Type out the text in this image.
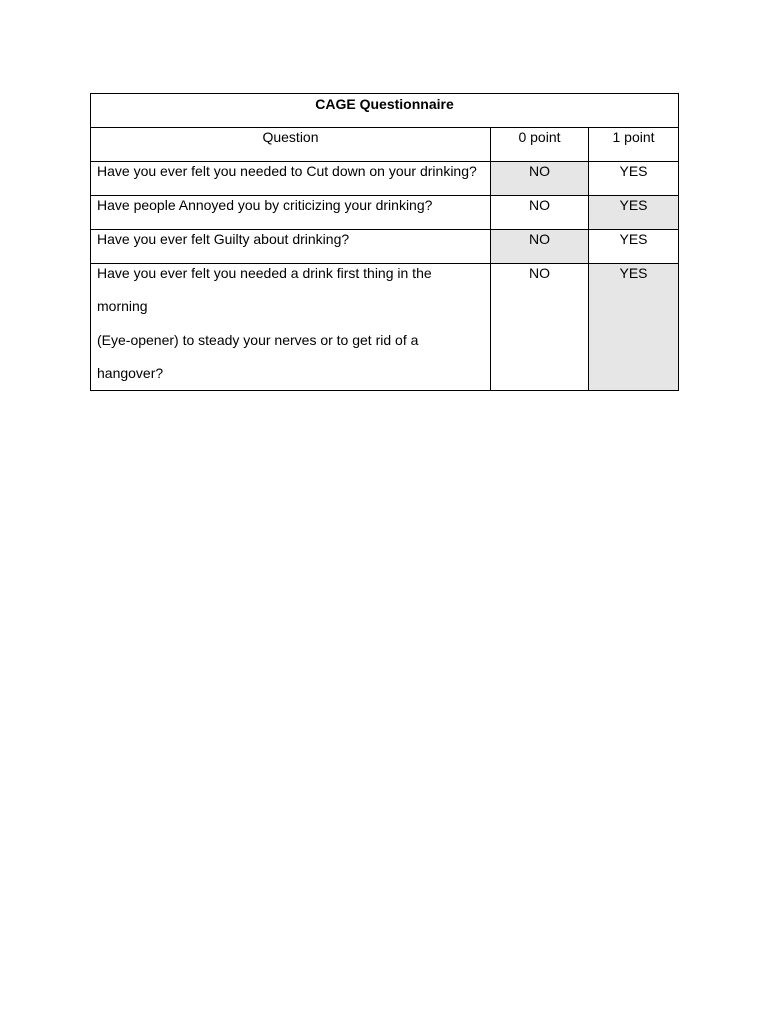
CAGE Questionnaire		

Question	0 point	1 point

Have you ever felt you needed to Cut down on your drinking?	NO	YES

Have people Annoyed you by criticizing your drinking?	NO	YES

Have you ever felt Guilty about drinking?	NO	YES

Have you ever felt you needed a drink first thing in the morning
(Eye-opener) to steady your nerves or to get rid of a hangover?	NO	YES
